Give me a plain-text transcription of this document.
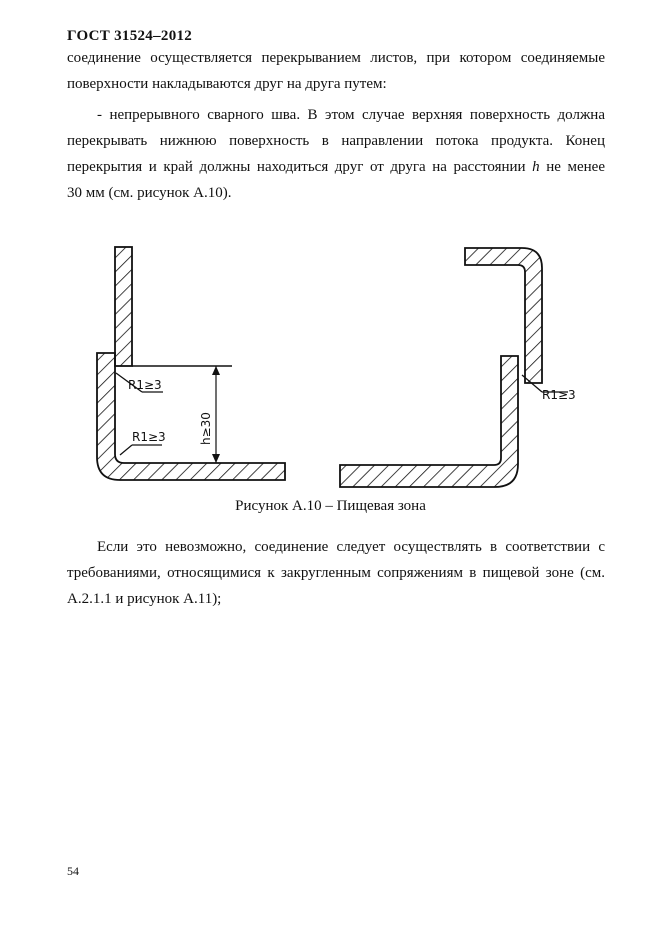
ГОСТ 31524–2012
соединение осуществляется перекрыванием листов, при котором соединяемые
поверхности накладываются друг на друга путем:
- непрерывного сварного шва. В этом случае верхняя поверхность должна
перекрывать нижнюю поверхность в направлении потока продукта. Конец
перекрытия и край должны находиться друг от друга на расстоянии h не менее
30 мм (см. рисунок А.10).
h≥30
R1≥3
R1≥3
R1≥3
Рисунок А.10 – Пищевая зона
Если это невозможно, соединение следует осуществлять в соответствии с
требованиями, относящимися к закругленным сопряжениям в пищевой зоне (см.
А.2.1.1 и рисунок А.11);
54
